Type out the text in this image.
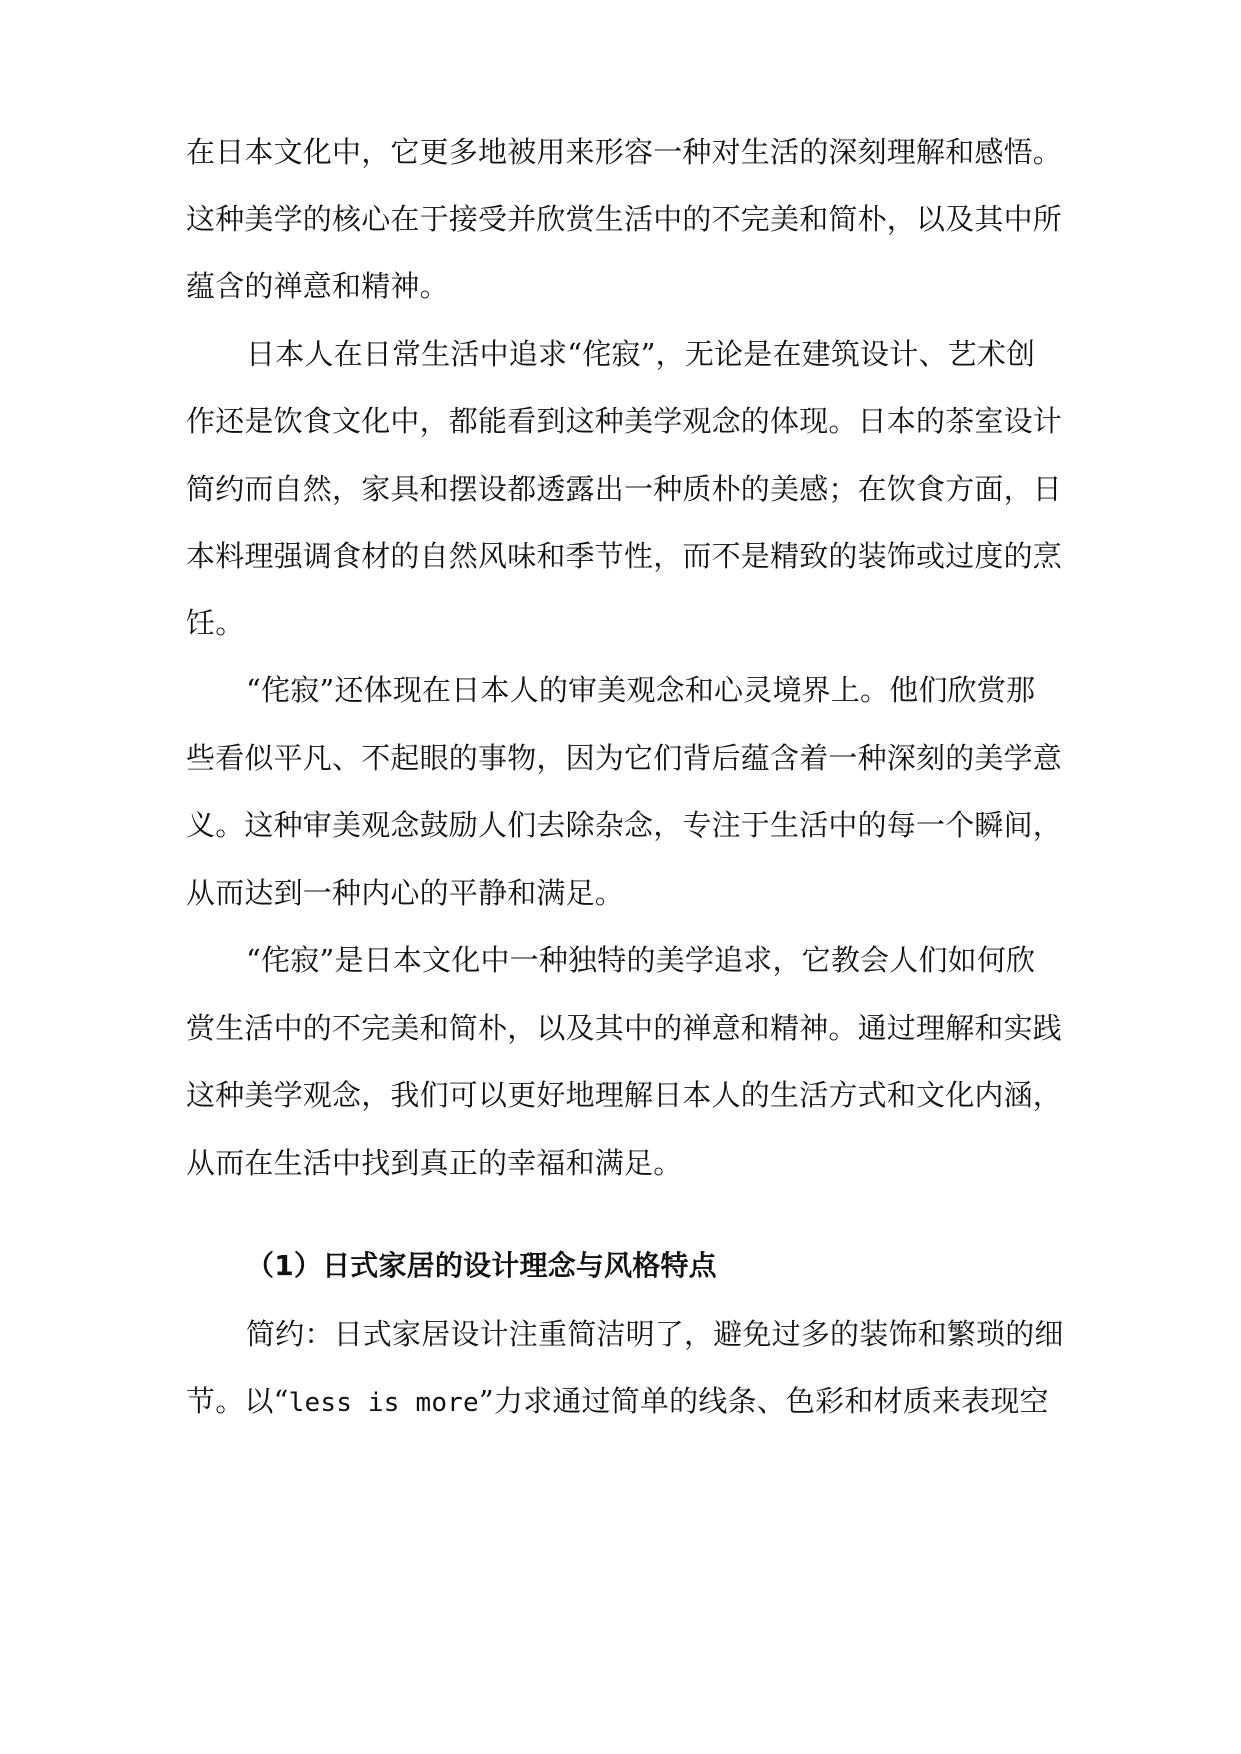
在日本文化中，它更多地被用来形容一种对生活的深刻理解和感悟。
这种美学的核心在于接受并欣赏生活中的不完美和简朴，以及其中所
蕴含的禅意和精神。
日本人在日常生活中追求“侘寂”，无论是在建筑设计、艺术创
作还是饮食文化中，都能看到这种美学观念的体现。日本的茶室设计
简约而自然，家具和摆设都透露出一种质朴的美感；在饮食方面，日
本料理强调食材的自然风味和季节性，而不是精致的装饰或过度的烹
饪。
“侘寂”还体现在日本人的审美观念和心灵境界上。他们欣赏那
些看似平凡、不起眼的事物，因为它们背后蕴含着一种深刻的美学意
义。这种审美观念鼓励人们去除杂念，专注于生活中的每一个瞬间，
从而达到一种内心的平静和满足。
“侘寂”是日本文化中一种独特的美学追求，它教会人们如何欣
赏生活中的不完美和简朴，以及其中的禅意和精神。通过理解和实践
这种美学观念，我们可以更好地理解日本人的生活方式和文化内涵，
从而在生活中找到真正的幸福和满足。
（1）日式家居的设计理念与风格特点
简约：日式家居设计注重简洁明了，避免过多的装饰和繁琐的细
节。以“less is more”力求通过简单的线条、色彩和材质来表现空
